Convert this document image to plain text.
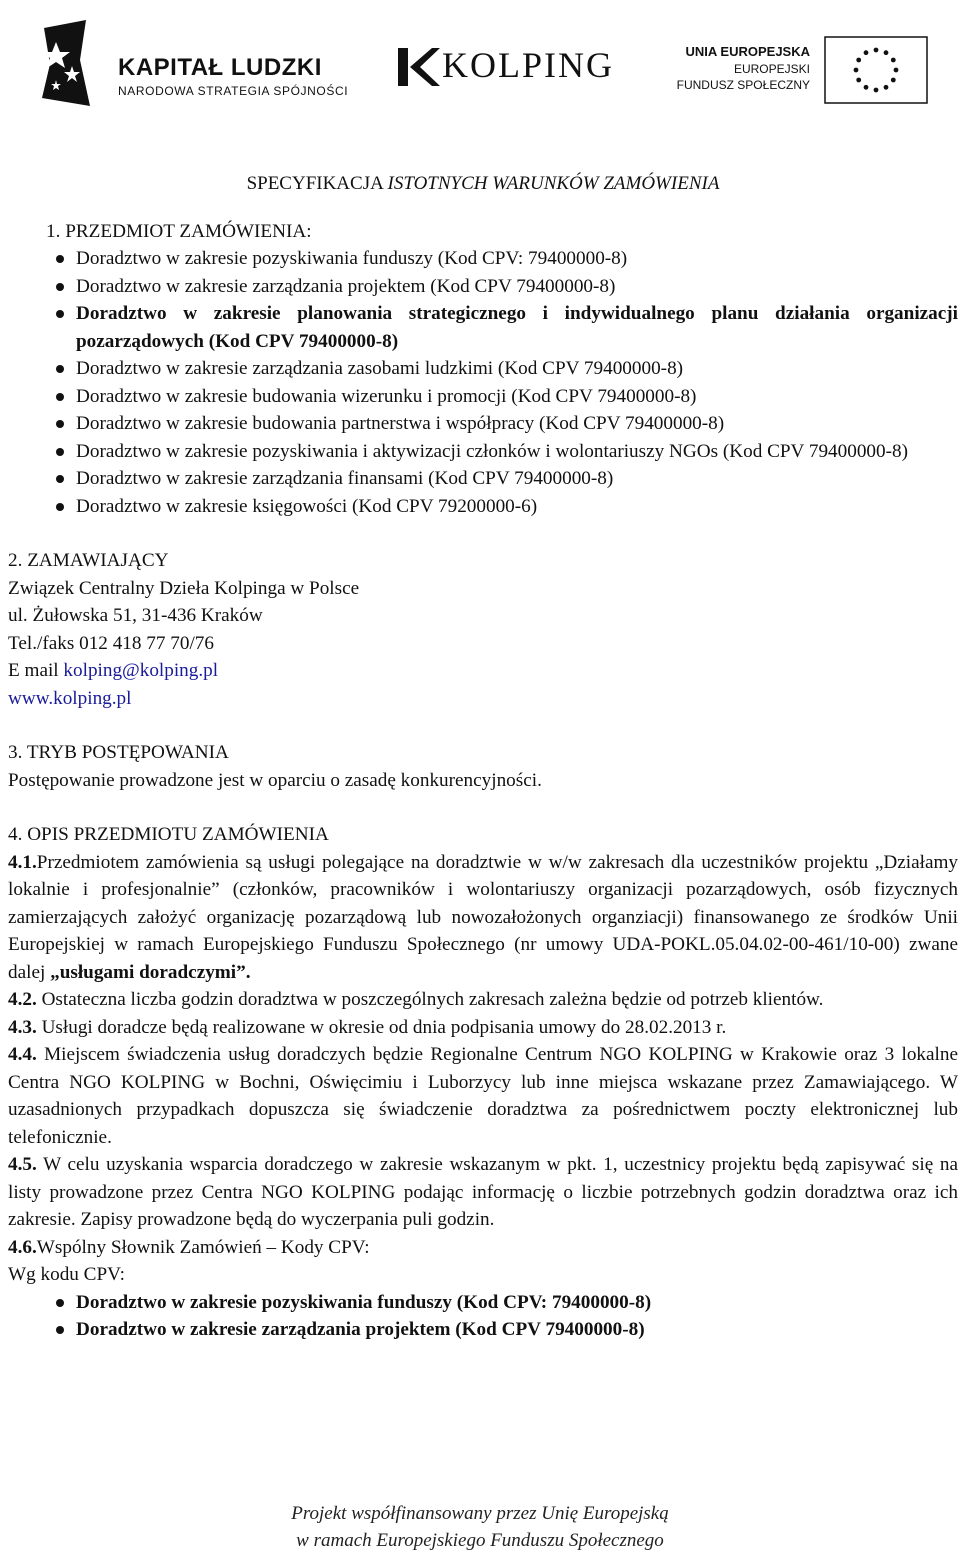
KAPITAŁ LUDZKI
NARODOWA STRATEGIA SPÓJNOŚCI
KOLPING	UNIA EUROPEJSKA
EUROPEJSKI
FUNDUSZ SPOŁECZNY
SPECYFIKACJA ISTOTNYCH WARUNKÓW ZAMÓWIENIA
1. PRZEDMIOT ZAMÓWIENIA:
Doradztwo w zakresie pozyskiwania funduszy (Kod CPV: 79400000-8)
Doradztwo w zakresie zarządzania projektem (Kod CPV 79400000-8)
Doradztwo w zakresie planowania strategicznego i indywidualnego planu działania organizacji pozarządowych (Kod CPV 79400000-8)
Doradztwo w zakresie zarządzania zasobami ludzkimi (Kod CPV 79400000-8)
Doradztwo w zakresie budowania wizerunku i promocji (Kod CPV 79400000-8)
Doradztwo w zakresie budowania partnerstwa i współpracy (Kod CPV 79400000-8)
Doradztwo w zakresie pozyskiwania i aktywizacji członków i wolontariuszy NGOs (Kod CPV 79400000-8)
Doradztwo w zakresie zarządzania finansami (Kod CPV 79400000-8)
Doradztwo w zakresie księgowości (Kod CPV 79200000-6)
2. ZAMAWIAJĄCY
Związek Centralny Dzieła Kolpinga w Polsce
ul. Żułowska 51, 31-436 Kraków
Tel./faks 012 418 77 70/76
E mail kolping@kolping.pl
www.kolping.pl
3. TRYB POSTĘPOWANIA
Postępowanie prowadzone jest w oparciu o zasadę konkurencyjności.
4. OPIS PRZEDMIOTU ZAMÓWIENIA

4.1.Przedmiotem zamówienia są usługi polegające na doradztwie w w/w zakresach dla uczestników projektu „Działamy lokalnie i profesjonalnie” (członków, pracowników i wolontariuszy organizacji pozarządowych, osób fizycznych zamierzających założyć organizację pozarządową lub nowozałożonych organziacji) finansowanego ze środków Unii Europejskiej w ramach Europejskiego Funduszu Społecznego (nr umowy UDA-POKL.05.04.02-00-461/10-00) zwane dalej „usługami doradczymi”.

4.2. Ostateczna liczba godzin doradztwa w poszczególnych zakresach zależna będzie od potrzeb klientów.

4.3. Usługi doradcze będą realizowane w okresie od dnia podpisania umowy do 28.02.2013 r.

4.4. Miejscem świadczenia usług doradczych będzie Regionalne Centrum NGO KOLPING w Krakowie oraz 3 lokalne Centra NGO KOLPING w Bochni, Oświęcimiu i Luborzycy lub inne miejsca wskazane przez Zamawiającego. W uzasadnionych przypadkach dopuszcza się świadczenie doradztwa za pośrednictwem poczty elektronicznej lub telefonicznie.

4.5. W celu uzyskania wsparcia doradczego w zakresie wskazanym w pkt. 1, uczestnicy projektu będą zapisywać się na listy prowadzone przez Centra NGO KOLPING podając informację o liczbie potrzebnych godzin doradztwa oraz ich zakresie. Zapisy prowadzone będą do wyczerpania puli godzin.

4.6.Wspólny Słownik Zamówień – Kody CPV:

Wg kodu CPV:
Doradztwo w zakresie pozyskiwania funduszy (Kod CPV: 79400000-8)
Doradztwo w zakresie zarządzania projektem (Kod CPV 79400000-8)
Projekt współfinansowany przez Unię Europejską
w ramach Europejskiego Funduszu Społecznego
